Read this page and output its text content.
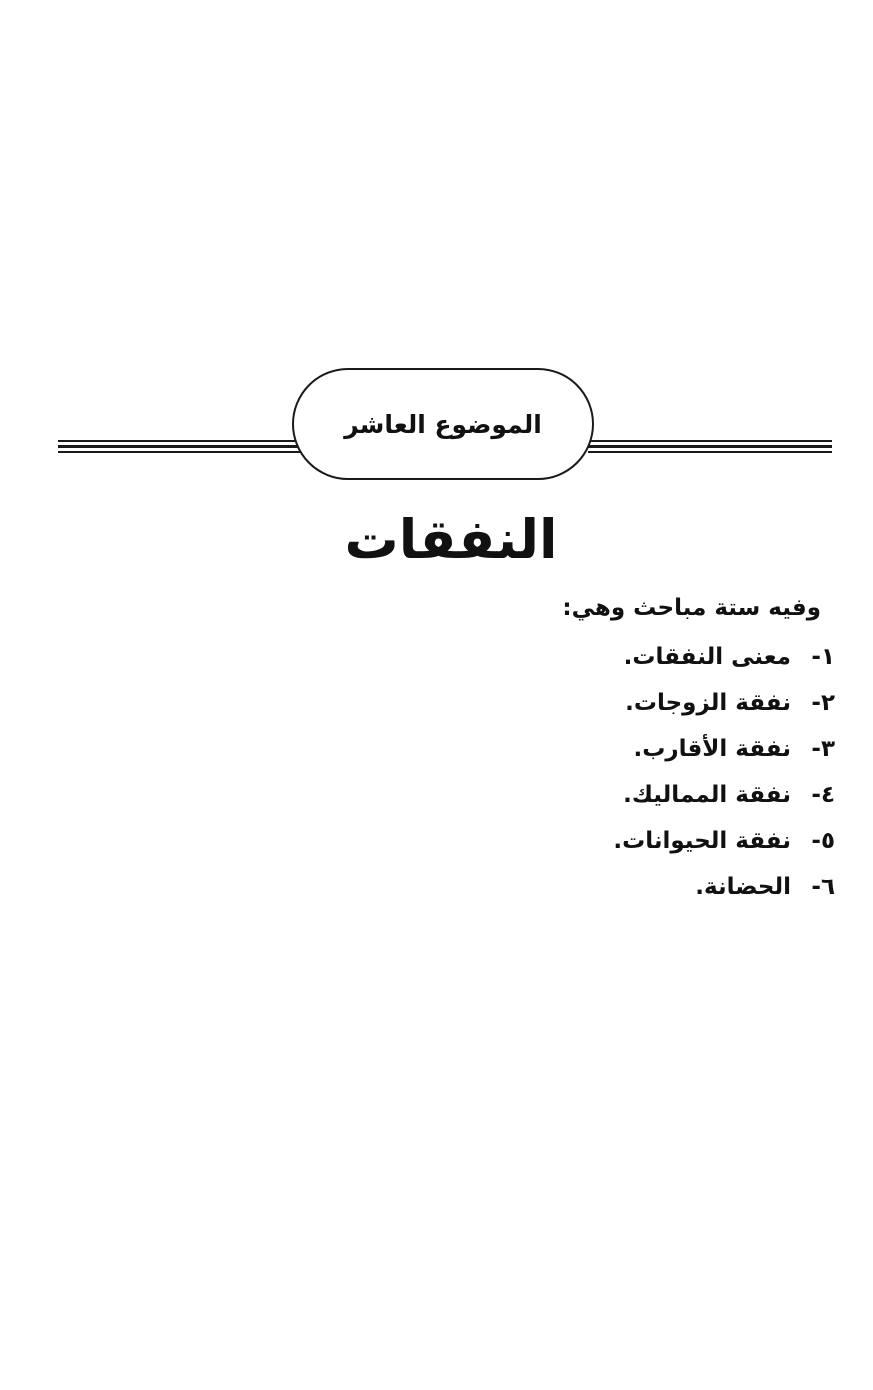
الموضوع العاشر
النفقات
وفيه ستة مباحث وهي:
١-
معنى النفقات.
٢-
نفقة الزوجات.
٣-
نفقة الأقارب.
٤-
نفقة المماليك.
٥-
نفقة الحيوانات.
٦-
الحضانة.
